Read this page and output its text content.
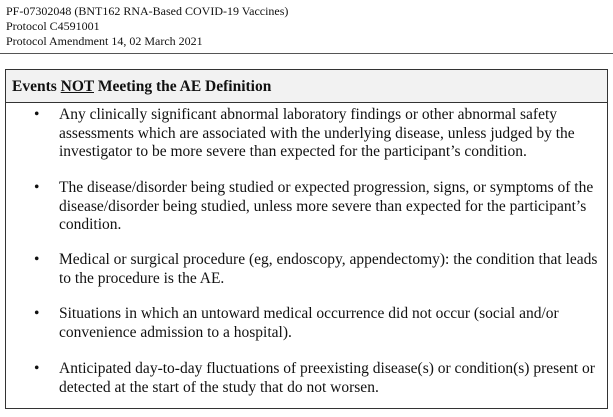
PF-07302048 (BNT162 RNA-Based COVID-19 Vaccines)
Protocol C4591001
Protocol Amendment 14, 02 March 2021
Events NOT Meeting the AE Definition
• Any clinically significant abnormal laboratory findings or other abnormal safety assessments which are associated with the underlying disease, unless judged by the investigator to be more severe than expected for the participant’s condition.
• The disease/disorder being studied or expected progression, signs, or symptoms of the disease/disorder being studied, unless more severe than expected for the participant’s condition.
• Medical or surgical procedure (eg, endoscopy, appendectomy): the condition that leads to the procedure is the AE.
• Situations in which an untoward medical occurrence did not occur (social and/or convenience admission to a hospital).
• Anticipated day-to-day fluctuations of preexisting disease(s) or condition(s) present or detected at the start of the study that do not worsen.
